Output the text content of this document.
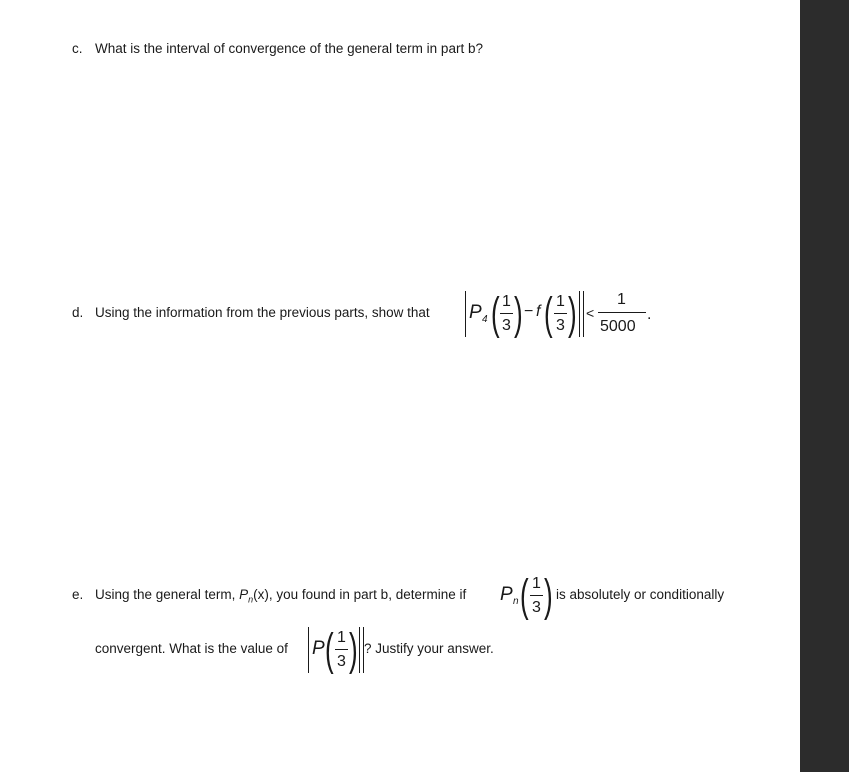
c. What is the interval of convergence of the general term in part b?
d. Using the information from the previous parts, show that P 4 ( 1
3 ) − f ( 1
3 ) <
1
5000
.
e. Using the general term, $P_n(x)$, you found in part b, determine if P n ( 1
3 ) is absolutely or conditionally
convergent. What is the value of P ( 1
3 ) ? Justify your answer.
